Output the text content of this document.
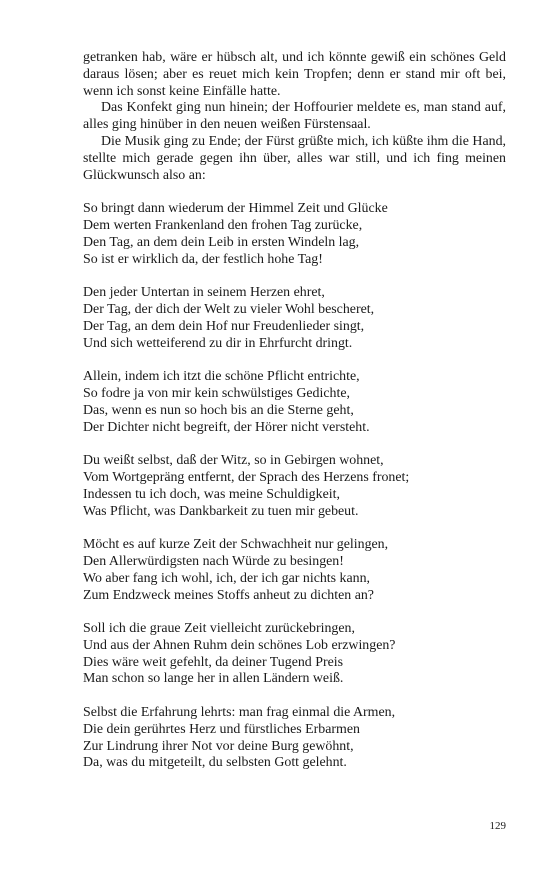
getranken hab, wäre er hübsch alt, und ich könnte gewiß ein schönes Geld daraus lösen; aber es reuet mich kein Tropfen; denn er stand mir oft bei, wenn ich sonst keine Einfälle hatte.

Das Konfekt ging nun hinein; der Hoffourier meldete es, man stand auf, alles ging hinüber in den neuen weißen Fürstensaal.

Die Musik ging zu Ende; der Fürst grüßte mich, ich küßte ihm die Hand, stellte mich gerade gegen ihn über, alles war still, und ich fing meinen Glückwunsch also an:

So bringt dann wiederum der Himmel Zeit und Glücke
Dem werten Frankenland den frohen Tag zurücke,
Den Tag, an dem dein Leib in ersten Windeln lag,
So ist er wirklich da, der festlich hohe Tag!
Den jeder Untertan in seinem Herzen ehret,
Der Tag, der dich der Welt zu vieler Wohl bescheret,
Der Tag, an dem dein Hof nur Freudenlieder singt,
Und sich wetteiferend zu dir in Ehrfurcht dringt.
Allein, indem ich itzt die schöne Pflicht entrichte,
So fodre ja von mir kein schwülstiges Gedichte,
Das, wenn es nun so hoch bis an die Sterne geht,
Der Dichter nicht begreift, der Hörer nicht versteht.
Du weißt selbst, daß der Witz, so in Gebirgen wohnet,
Vom Wortgepräng entfernt, der Sprach des Herzens fronet;
Indessen tu ich doch, was meine Schuldigkeit,
Was Pflicht, was Dankbarkeit zu tuen mir gebeut.
Möcht es auf kurze Zeit der Schwachheit nur gelingen,
Den Allerwürdigsten nach Würde zu besingen!
Wo aber fang ich wohl, ich, der ich gar nichts kann,
Zum Endzweck meines Stoffs anheut zu dichten an?
Soll ich die graue Zeit vielleicht zurückebringen,
Und aus der Ahnen Ruhm dein schönes Lob erzwingen?
Dies wäre weit gefehlt, da deiner Tugend Preis
Man schon so lange her in allen Ländern weiß.
Selbst die Erfahrung lehrts: man frag einmal die Armen,
Die dein gerührtes Herz und fürstliches Erbarmen
Zur Lindrung ihrer Not vor deine Burg gewöhnt,
Da, was du mitgeteilt, du selbsten Gott gelehnt.
129
